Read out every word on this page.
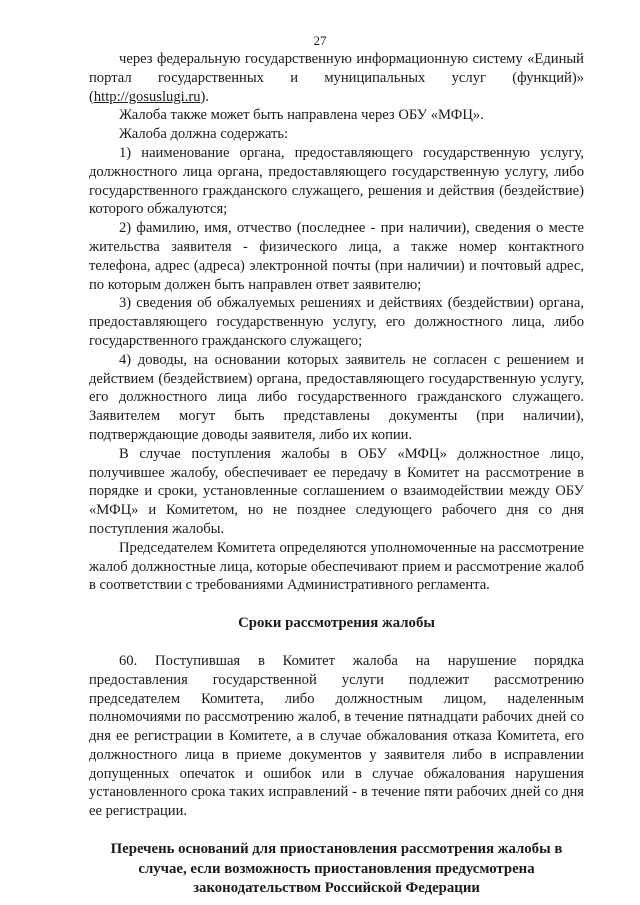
27

через федеральную государственную информационную систему «Единый портал государственных и муниципальных услуг (функций)» (http://gosuslugi.ru).

Жалоба также может быть направлена через ОБУ «МФЦ».

Жалоба должна содержать:

1) наименование органа, предоставляющего государственную услугу, должностного лица органа, предоставляющего государственную услугу, либо государственного гражданского служащего, решения и действия (бездействие) которого обжалуются;

2) фамилию, имя, отчество (последнее - при наличии), сведения о месте жительства заявителя - физического лица, а также номер контактного телефона, адрес (адреса) электронной почты (при наличии) и почтовый адрес, по которым должен быть направлен ответ заявителю;

3) сведения об обжалуемых решениях и действиях (бездействии) органа, предоставляющего государственную услугу, его должностного лица, либо государственного гражданского служащего;

4) доводы, на основании которых заявитель не согласен с решением и действием (бездействием) органа, предоставляющего государственную услугу, его должностного лица либо государственного гражданского служащего. Заявителем могут быть представлены документы (при наличии), подтверждающие доводы заявителя, либо их копии.

В случае поступления жалобы в ОБУ «МФЦ» должностное лицо, получившее жалобу, обеспечивает ее передачу в Комитет на рассмотрение в порядке и сроки, установленные соглашением о взаимодействии между ОБУ «МФЦ» и Комитетом, но не позднее следующего рабочего дня со дня поступления жалобы.

Председателем Комитета определяются уполномоченные на рассмотрение жалоб должностные лица, которые обеспечивают прием и рассмотрение жалоб в соответствии с требованиями Административного регламента.

Сроки рассмотрения жалобы

60. Поступившая в Комитет жалоба на нарушение порядка предоставления государственной услуги подлежит рассмотрению председателем Комитета, либо должностным лицом, наделенным полномочиями по рассмотрению жалоб, в течение пятнадцати рабочих дней со дня ее регистрации в Комитете, а в случае обжалования отказа Комитета, его должностного лица в приеме документов у заявителя либо в исправлении допущенных опечаток и ошибок или в случае обжалования нарушения установленного срока таких исправлений - в течение пяти рабочих дней со дня ее регистрации.

Перечень оснований для приостановления рассмотрения жалобы в случае, если возможность приостановления предусмотрена законодательством Российской Федерации
